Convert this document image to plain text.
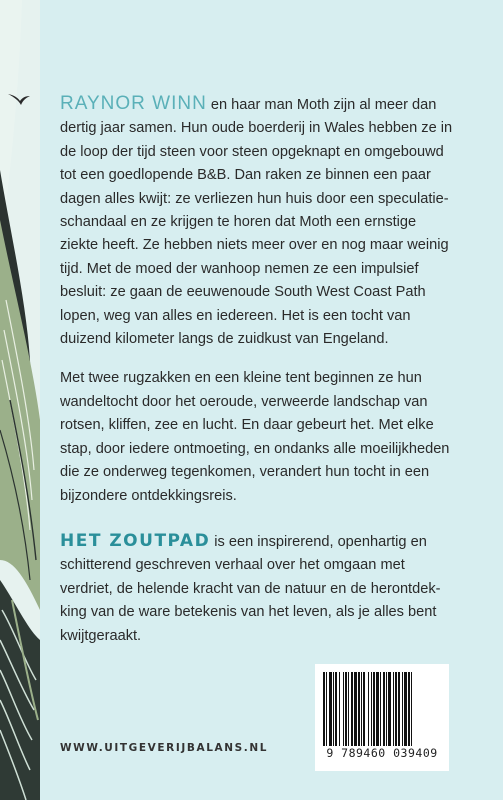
RAYNOR WINN en haar man Moth zijn al meer dan dertig jaar samen. Hun oude boerderij in Wales hebben ze in de loop der tijd steen voor steen opgeknapt en omgebouwd tot een goedlopende B&B. Dan raken ze binnen een paar dagen alles kwijt: ze verliezen hun huis door een speculatieschandaal en ze krijgen te horen dat Moth een ernstige ziekte heeft. Ze hebben niets meer over en nog maar weinig tijd. Met de moed der wanhoop nemen ze een impulsief besluit: ze gaan de eeuwenoude South West Coast Path lopen, weg van alles en iedereen. Het is een tocht van duizend kilometer langs de zuidkust van Engeland.

Met twee rugzakken en een kleine tent beginnen ze hun wandeltocht door het oeroude, verweerde landschap van rotsen, kliffen, zee en lucht. En daar gebeurt het. Met elke stap, door iedere ontmoeting, en ondanks alle moeilijkheden die ze onderweg tegenkomen, verandert hun tocht in een bijzondere ontdekkingsreis.

HET ZOUTPAD is een inspirerend, openhartig en schitterend geschreven verhaal over het omgaan met verdriet, de helende kracht van de natuur en de herontdekking van de ware betekenis van het leven, als je alles bent kwijtgeraakt.

9 789460 039409
WWW.UITGEVERIJBALANS.NL
